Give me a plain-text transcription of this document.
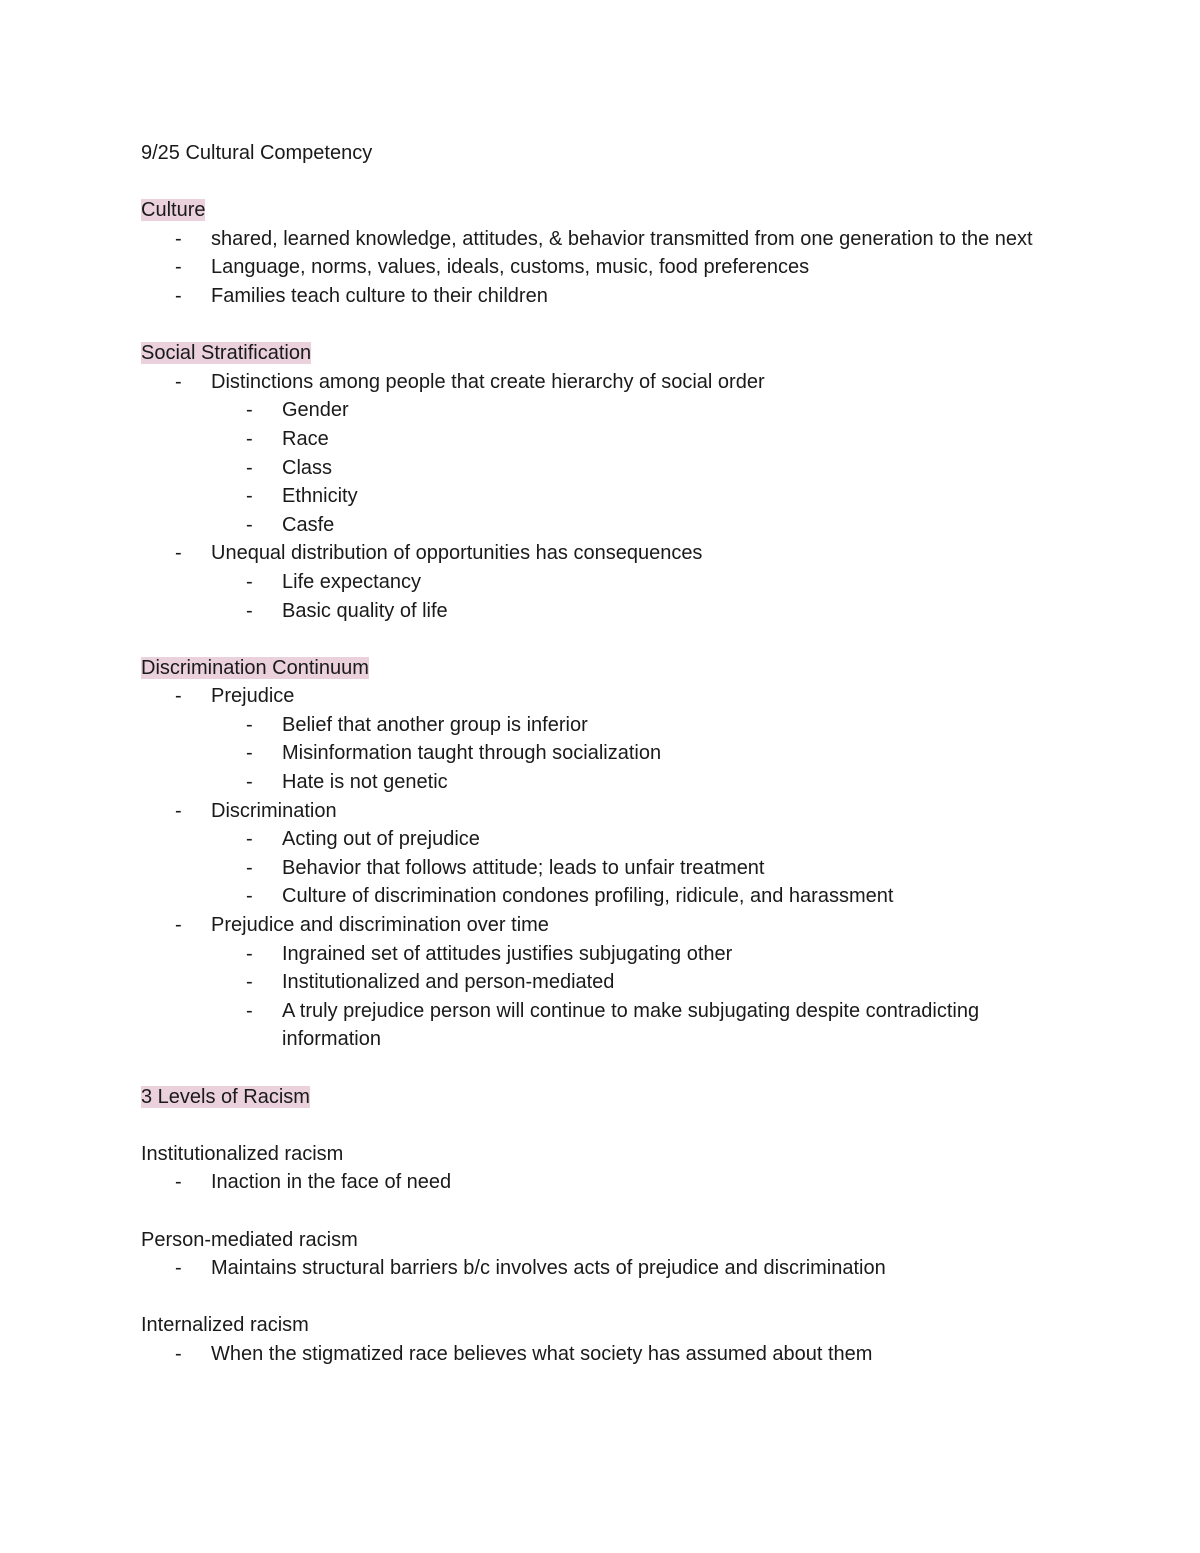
9/25 Cultural Competency

Culture

-	shared, learned knowledge, attitudes, & behavior transmitted from one generation to the next
-	Language, norms, values, ideals, customs, music, food preferences
-	Families teach culture to their children

Social Stratification

-	Distinctions among people that create hierarchy of social order
-	Gender
-	Race
-	Class
-	Ethnicity
-	Casfe
-	Unequal distribution of opportunities has consequences
-	Life expectancy
-	Basic quality of life

Discrimination Continuum

-	Prejudice
-	Belief that another group is inferior
-	Misinformation taught through socialization
-	Hate is not genetic
-	Discrimination
-	Acting out of prejudice
-	Behavior that follows attitude; leads to unfair treatment
-	Culture of discrimination condones profiling, ridicule, and harassment
-	Prejudice and discrimination over time
-	Ingrained set of attitudes justifies subjugating other
-	Institutionalized and person-mediated
-	A truly prejudice person will continue to make subjugating despite contradicting information

3 Levels of Racism

Institutionalized racism

-	Inaction in the face of need

Person-mediated racism

-	Maintains structural barriers b/c involves acts of prejudice and discrimination

Internalized racism

-	When the stigmatized race believes what society has assumed about them
